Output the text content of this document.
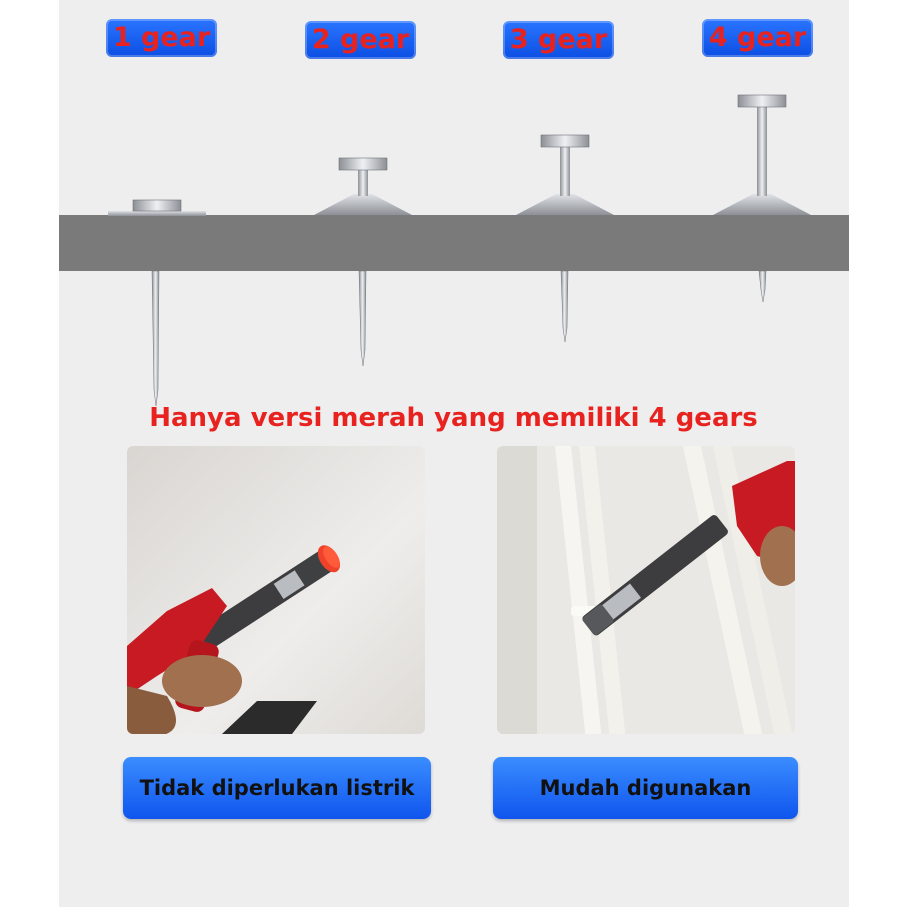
1 gear	2 gear	3 gear	4 gear
Hanya versi merah yang memiliki 4 gears
Tidak diperlukan listrik	Mudah digunakan
